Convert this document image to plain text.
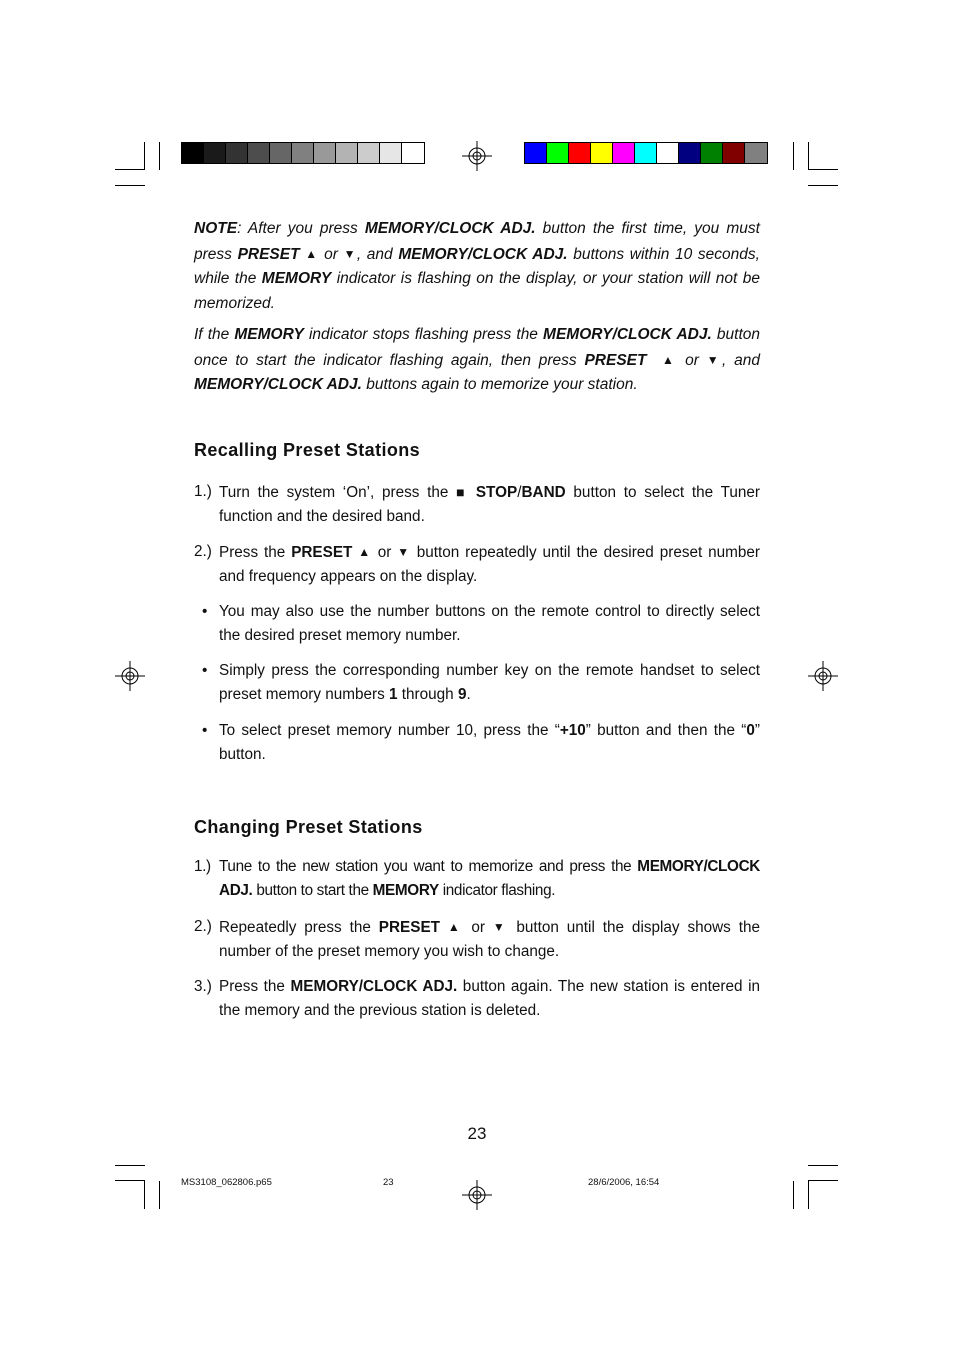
NOTE: After you press MEMORY/CLOCK ADJ. button the first time, you must press PRESET ▲ or ▼, and MEMORY/CLOCK ADJ. buttons within 10 seconds, while the MEMORY indicator is flashing on the display, or your station will not be memorized.

If the MEMORY indicator stops flashing press the MEMORY/CLOCK ADJ. button once to start the indicator flashing again, then press PRESET ▲ or ▼, and MEMORY/CLOCK ADJ. buttons again to memorize your station.

Recalling Preset Stations
1.) Turn the system ‘On’, press the ■ STOP/BAND button to select the Tuner function and the desired band.
2.) Press the PRESET ▲ or ▼ button repeatedly until the desired preset number and frequency appears on the display.
• You may also use the number buttons on the remote control to directly select the desired preset memory number.
• Simply press the corresponding number key on the remote handset to select preset memory numbers 1 through 9.
• To select preset memory number 10, press the “+10” button and then the “0” button.
Changing Preset Stations
1.) Tune to the new station you want to memorize and press the MEMORY/CLOCK ADJ. button to start the MEMORY indicator flashing.
2.) Repeatedly press the PRESET ▲ or ▼ button until the display shows the number of the preset memory you wish to change.
3.) Press the MEMORY/CLOCK ADJ. button again. The new station is entered in the memory and the previous station is deleted.
23
MS3108_062806.p65	23	28/6/2006, 16:54
